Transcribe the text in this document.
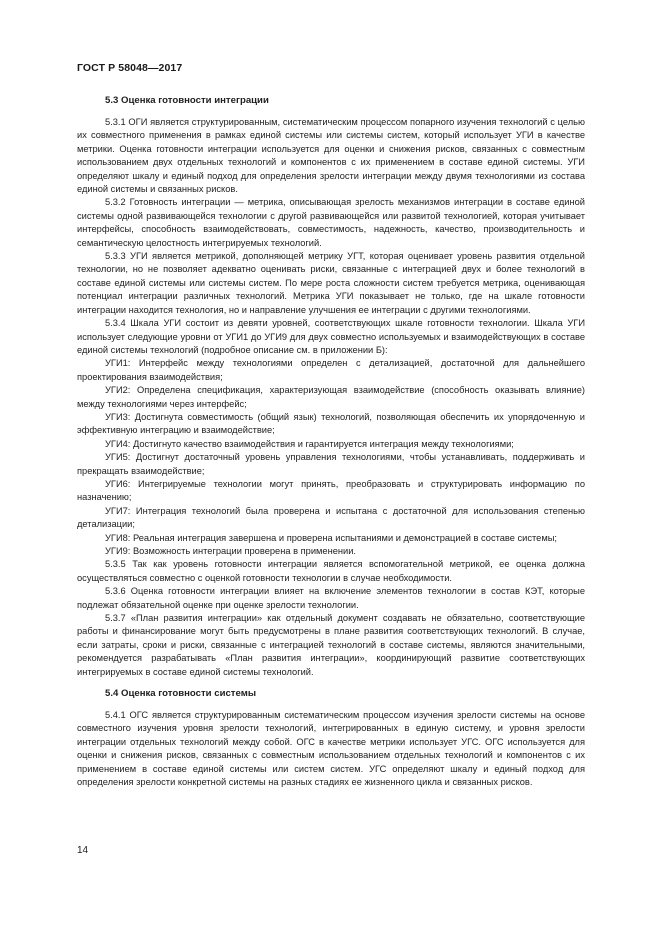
ГОСТ Р 58048—2017
5.3 Оценка готовности интеграции

5.3.1 ОГИ является структурированным, систематическим процессом попарного изучения технологий с целью их совместного применения в рамках единой системы или системы систем, который использует УГИ в качестве метрики. Оценка готовности интеграции используется для оценки и снижения рисков, связанных с совместным использованием двух отдельных технологий и компонентов с их применением в составе единой системы. УГИ определяют шкалу и единый подход для определения зрелости интеграции между двумя технологиями из состава единой системы и связанных рисков.

5.3.2 Готовность интеграции — метрика, описывающая зрелость механизмов интеграции в составе единой системы одной развивающейся технологии с другой развивающейся или развитой технологией, которая учитывает интерфейсы, способность взаимодействовать, совместимость, надежность, качество, производительность и семантическую целостность интегрируемых технологий.

5.3.3 УГИ является метрикой, дополняющей метрику УГТ, которая оценивает уровень развития отдельной технологии, но не позволяет адекватно оценивать риски, связанные с интеграцией двух и более технологий в составе единой системы или системы систем. По мере роста сложности систем требуется метрика, оценивающая потенциал интеграции различных технологий. Метрика УГИ показывает не только, где на шкале готовности интеграции находится технология, но и направление улучшения ее интеграции с другими технологиями.

5.3.4 Шкала УГИ состоит из девяти уровней, соответствующих шкале готовности технологии. Шкала УГИ использует следующие уровни от УГИ1 до УГИ9 для двух совместно используемых и взаимодействующих в составе единой системы технологий (подробное описание см. в приложении Б):

УГИ1: Интерфейс между технологиями определен с детализацией, достаточной для дальнейшего проектирования взаимодействия;

УГИ2: Определена спецификация, характеризующая взаимодействие (способность оказывать влияние) между технологиями через интерфейс;

УГИ3: Достигнута совместимость (общий язык) технологий, позволяющая обеспечить их упорядоченную и эффективную интеграцию и взаимодействие;

УГИ4: Достигнуто качество взаимодействия и гарантируется интеграция между технологиями;

УГИ5: Достигнут достаточный уровень управления технологиями, чтобы устанавливать, поддерживать и прекращать взаимодействие;

УГИ6: Интегрируемые технологии могут принять, преобразовать и структурировать информацию по назначению;

УГИ7: Интеграция технологий была проверена и испытана с достаточной для использования степенью детализации;

УГИ8: Реальная интеграция завершена и проверена испытаниями и демонстрацией в составе системы;

УГИ9: Возможность интеграции проверена в применении.

5.3.5 Так как уровень готовности интеграции является вспомогательной метрикой, ее оценка должна осуществляться совместно с оценкой готовности технологии в случае необходимости.

5.3.6 Оценка готовности интеграции влияет на включение элементов технологии в состав КЭТ, которые подлежат обязательной оценке при оценке зрелости технологии.

5.3.7 «План развития интеграции» как отдельный документ создавать не обязательно, соответствующие работы и финансирование могут быть предусмотрены в плане развития соответствующих технологий. В случае, если затраты, сроки и риски, связанные с интеграцией технологий в составе системы, являются значительными, рекомендуется разрабатывать «План развития интеграции», координирующий развитие соответствующих интегрируемых в составе единой системы технологий.

5.4 Оценка готовности системы

5.4.1 ОГС является структурированным систематическим процессом изучения зрелости системы на основе совместного изучения уровня зрелости технологий, интегрированных в единую систему, и уровня зрелости интеграции отдельных технологий между собой. ОГС в качестве метрики использует УГС. ОГС используется для оценки и снижения рисков, связанных с совместным использованием отдельных технологий и компонентов с их применением в составе единой системы или систем систем. УГС определяют шкалу и единый подход для определения зрелости конкретной системы на разных стадиях ее жизненного цикла и связанных рисков.

14
